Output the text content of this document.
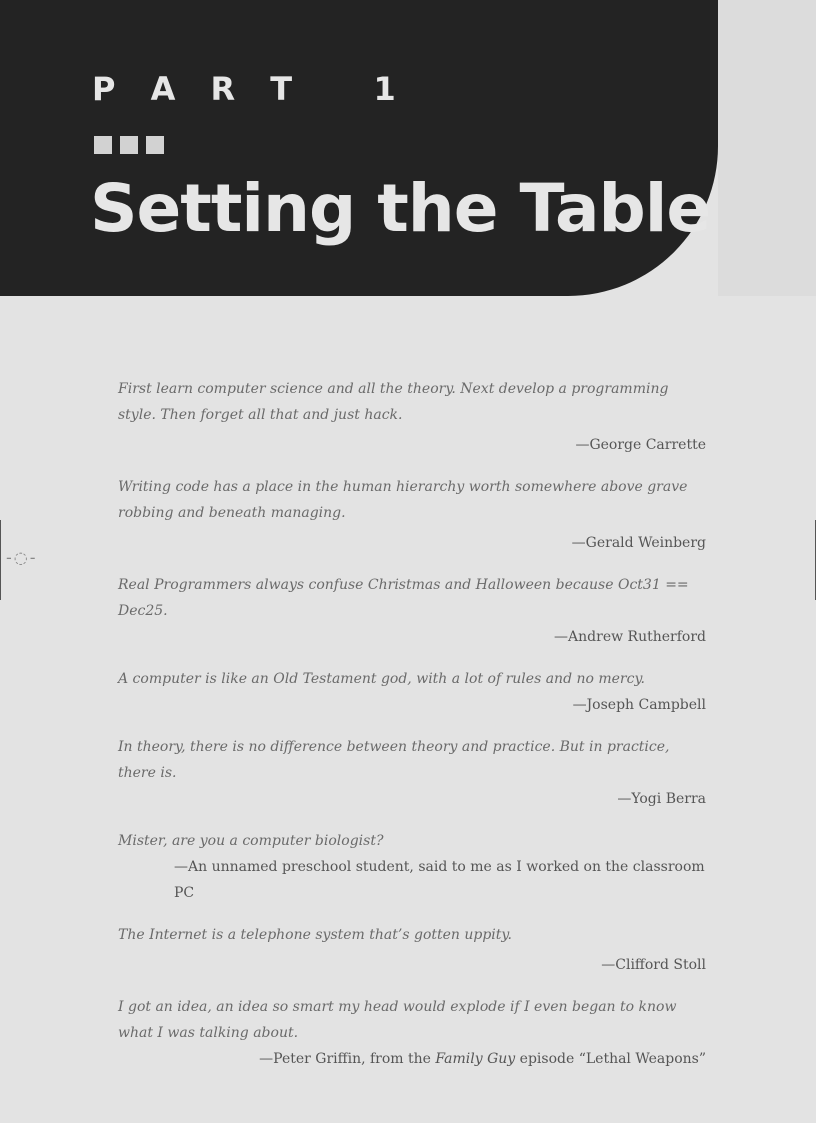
P A R T   1
Setting the Table
-◌-

First learn computer science and all the theory. Next develop a programming style. Then forget all that and just hack.

—George Carrette

Writing code has a place in the human hierarchy worth somewhere above grave robbing and beneath managing.

—Gerald Weinberg

Real Programmers always confuse Christmas and Halloween because Oct31 == Dec25.

—Andrew Rutherford

A computer is like an Old Testament god, with a lot of rules and no mercy.

—Joseph Campbell

In theory, there is no difference between theory and practice. But in practice, there is.

—Yogi Berra

Mister, are you a computer biologist?

—An unnamed preschool student, said to me as I worked on the classroom PC

The Internet is a telephone system that’s gotten uppity.

—Clifford Stoll

I got an idea, an idea so smart my head would explode if I even began to know what I was talking about.

—Peter Griffin, from the Family Guy episode “Lethal Weapons”
